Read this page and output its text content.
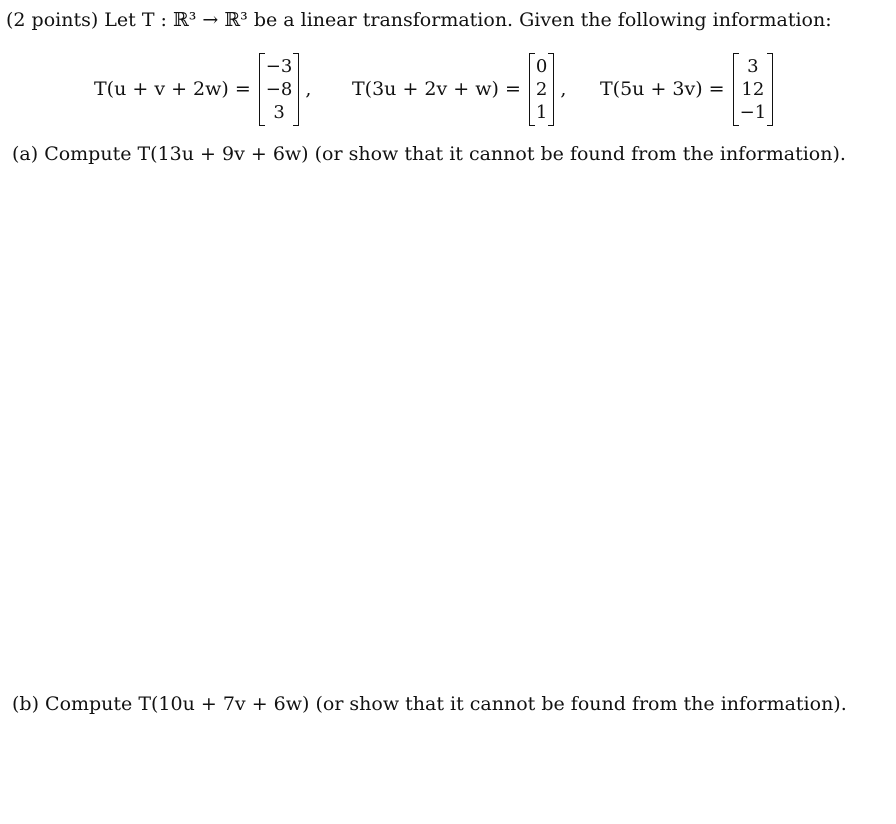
(2 points) Let T : ℝ³ → ℝ³ be a linear transformation. Given the following information:
T(u + v + 2w) =
−3
−8
3
, T(3u + 2v + w) =
0
2
1
, T(5u + 3v) =
3
12
−1
(a) Compute T(13u + 9v + 6w) (or show that it cannot be found from the information).
(b) Compute T(10u + 7v + 6w) (or show that it cannot be found from the information).
